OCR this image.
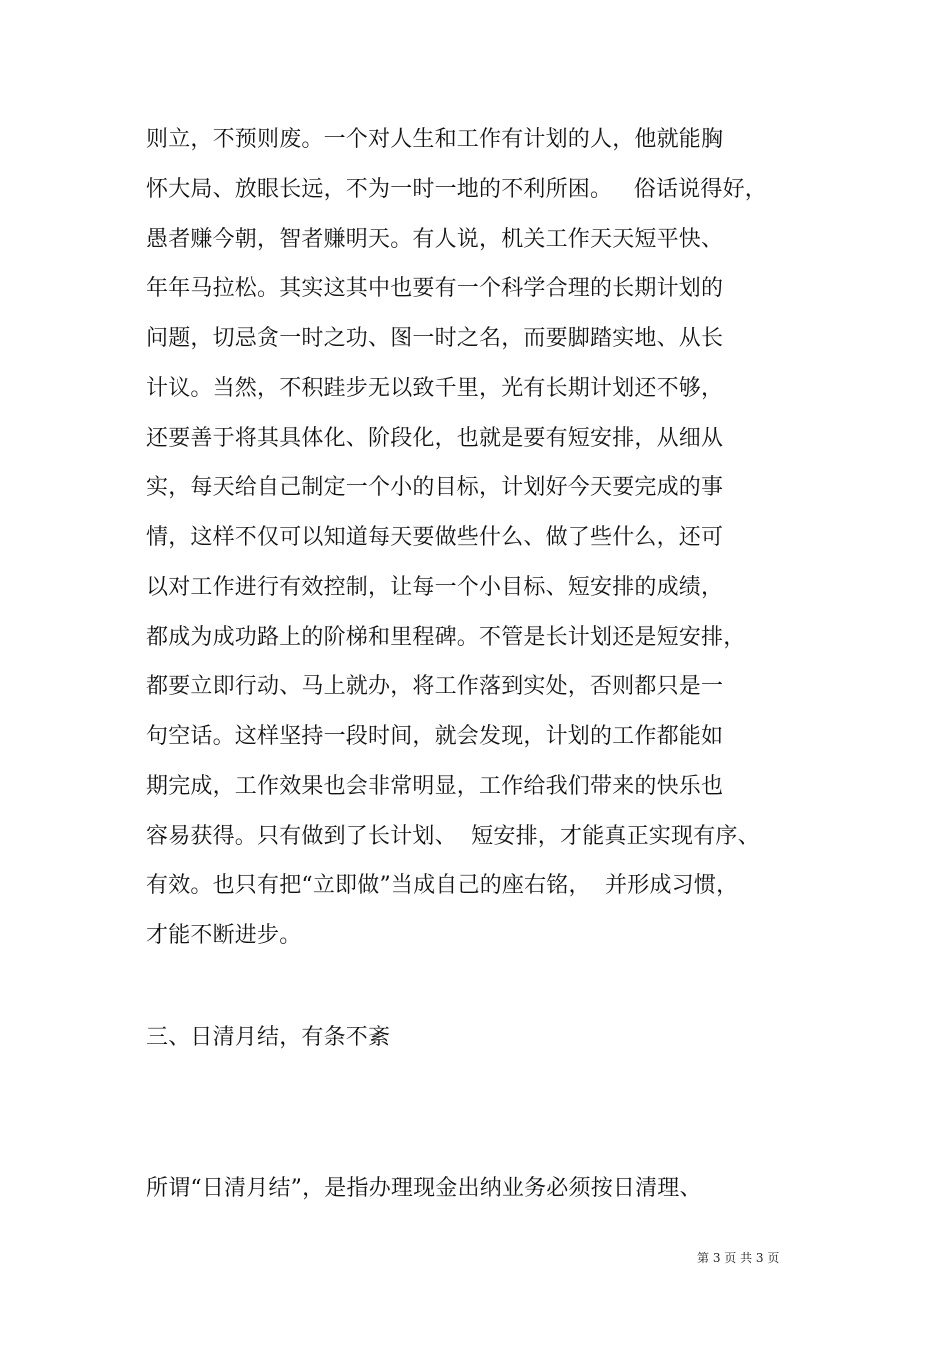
则立，不预则废。一个对人生和工作有计划的人，他就能胸
怀大局、放眼长远，不为一时一地的不利所困。   俗话说得好，
愚者赚今朝，智者赚明天。有人说，机关工作天天短平快、
年年马拉松。其实这其中也要有一个科学合理的长期计划的
问题，切忌贪一时之功、图一时之名，而要脚踏实地、从长
计议。当然，不积跬步无以致千里，光有长期计划还不够，
还要善于将其具体化、阶段化，也就是要有短安排，从细从
实，每天给自己制定一个小的目标，计划好今天要完成的事
情，这样不仅可以知道每天要做些什么、做了些什么，还可
以对工作进行有效控制，让每一个小目标、短安排的成绩，
都成为成功路上的阶梯和里程碑。不管是长计划还是短安排，
都要立即行动、马上就办，将工作落到实处，否则都只是一
句空话。这样坚持一段时间，就会发现，计划的工作都能如
期完成，工作效果也会非常明显，工作给我们带来的快乐也
容易获得。只有做到了长计划、  短安排，才能真正实现有序、
有效。也只有把“立即做”当成自己的座右铭，  并形成习惯，
才能不断进步。
三、日清月结，有条不紊
所谓“日清月结”，是指办理现金出纳业务必须按日清理、
第 3 页 共 3 页
